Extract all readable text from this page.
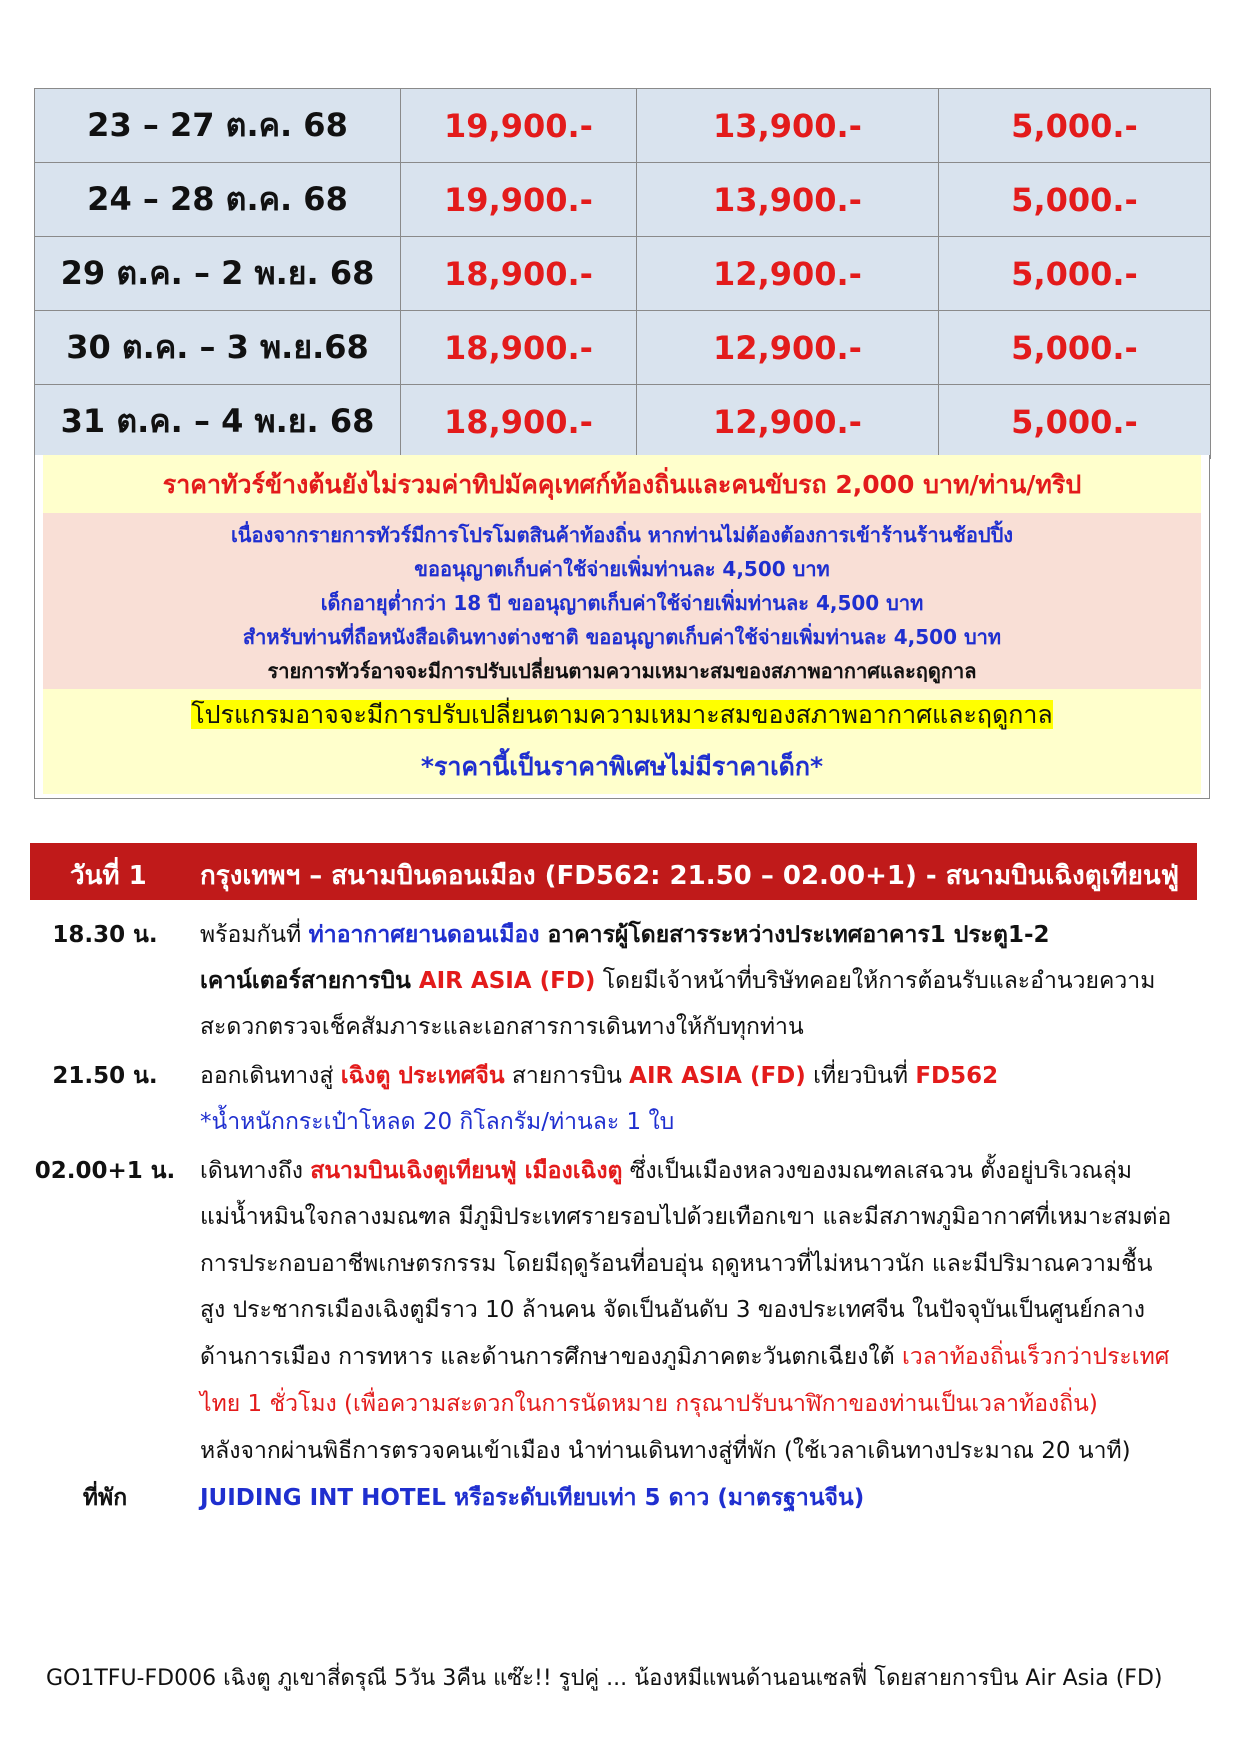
23 – 27 ต.ค. 68	19,900.-	13,900.-	5,000.-
24 – 28 ต.ค. 68	19,900.-	13,900.-	5,000.-
29 ต.ค. – 2 พ.ย. 68	18,900.-	12,900.-	5,000.-
30 ต.ค. – 3 พ.ย.68	18,900.-	12,900.-	5,000.-
31 ต.ค. – 4 พ.ย. 68	18,900.-	12,900.-	5,000.-
ราคาทัวร์ข้างต้นยังไม่รวมค่าทิปมัคคุเทศก์ท้องถิ่นและคนขับรถ 2,000 บาท/ท่าน/ทริป
เนื่องจากรายการทัวร์มีการโปรโมตสินค้าท้องถิ่น หากท่านไม่ต้องต้องการเข้าร้านร้านช้อปปิ้ง
ขออนุญาตเก็บค่าใช้จ่ายเพิ่มท่านละ 4,500 บาท
เด็กอายุต่ำกว่า 18 ปี ขออนุญาตเก็บค่าใช้จ่ายเพิ่มท่านละ 4,500 บาท
สำหรับท่านที่ถือหนังสือเดินทางต่างชาติ ขออนุญาตเก็บค่าใช้จ่ายเพิ่มท่านละ 4,500 บาท
รายการทัวร์อาจจะมีการปรับเปลี่ยนตามความเหมาะสมของสภาพอากาศและฤดูกาล
โปรแกรมอาจจะมีการปรับเปลี่ยนตามความเหมาะสมของสภาพอากาศและฤดูกาล
*ราคานี้เป็นราคาพิเศษไม่มีราคาเด็ก*
วันที่ 1 กรุงเทพฯ – สนามบินดอนเมือง (FD562: 21.50 – 02.00+1) - สนามบินเฉิงตูเทียนฟู่
18.30 น.	พร้อมกันที่ ท่าอากาศยานดอนเมือง อาคารผู้โดยสารระหว่างประเทศอาคาร1 ประตู1-2
เคาน์เตอร์สายการบิน AIR ASIA (FD) โดยมีเจ้าหน้าที่บริษัทคอยให้การต้อนรับและอำนวยความ
สะดวกตรวจเช็คสัมภาระและเอกสารการเดินทางให้กับทุกท่าน
21.50 น.	ออกเดินทางสู่ เฉิงตู ประเทศจีน สายการบิน AIR ASIA (FD) เที่ยวบินที่ FD562
*น้ำหนักกระเป๋าโหลด 20 กิโลกรัม/ท่านละ 1 ใบ
02.00+1 น. เดินทางถึง สนามบินเฉิงตูเทียนฟู่ เมืองเฉิงตู ซึ่งเป็นเมืองหลวงของมณฑลเสฉวน ตั้งอยู่บริเวณลุ่ม
แม่น้ำหมินใจกลางมณฑล มีภูมิประเทศรายรอบไปด้วยเทือกเขา และมีสภาพภูมิอากาศที่เหมาะสมต่อ
การประกอบอาชีพเกษตรกรรม โดยมีฤดูร้อนที่อบอุ่น ฤดูหนาวที่ไม่หนาวนัก และมีปริมาณความชื้น
สูง ประชากรเมืองเฉิงตูมีราว 10 ล้านคน จัดเป็นอันดับ 3 ของประเทศจีน ในปัจจุบันเป็นศูนย์กลาง
ด้านการเมือง การทหาร และด้านการศึกษาของภูมิภาคตะวันตกเฉียงใต้ เวลาท้องถิ่นเร็วกว่าประเทศ
ไทย 1 ชั่วโมง (เพื่อความสะดวกในการนัดหมาย กรุณาปรับนาฬิกาของท่านเป็นเวลาท้องถิ่น)
หลังจากผ่านพิธีการตรวจคนเข้าเมือง นำท่านเดินทางสู่ที่พัก (ใช้เวลาเดินทางประมาณ 20 นาที)
ที่พัก	JUIDING INT HOTEL หรือระดับเทียบเท่า 5 ดาว (มาตรฐานจีน)
GO1TFU-FD006 เฉิงตู ภูเขาสี่ดรุณี 5วัน 3คืน แซ๊ะ!! รูปคู่ ... น้องหมีแพนด้านอนเซลฟี่ โดยสายการบิน Air Asia (FD)
